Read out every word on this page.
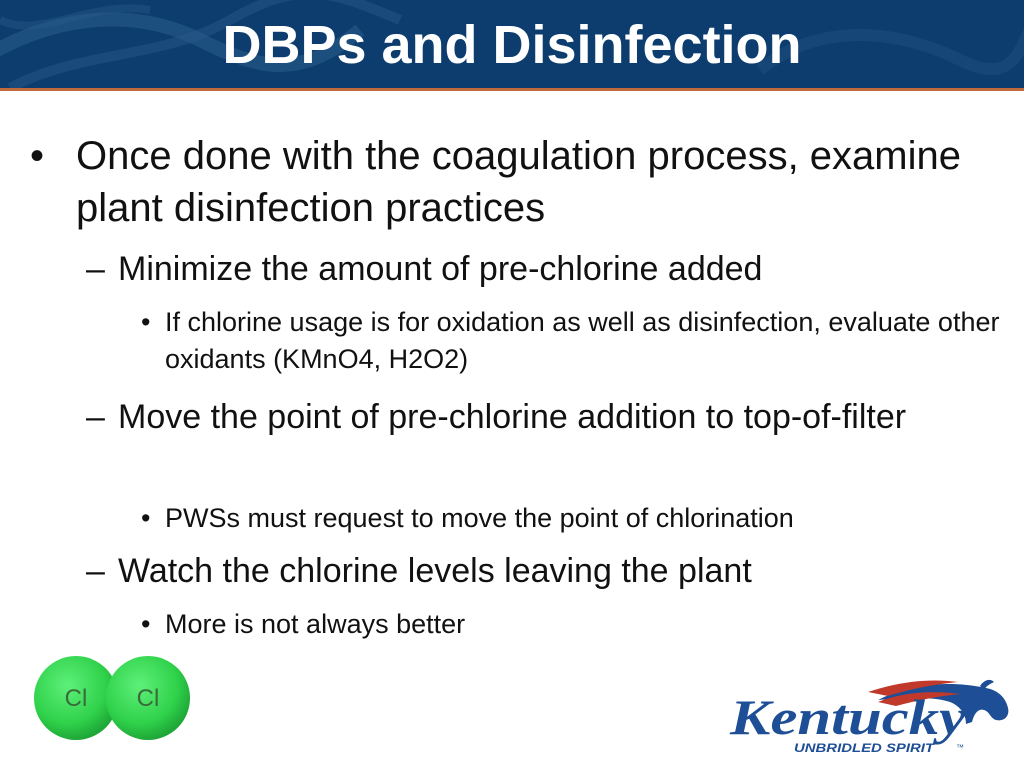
DBPs and Disinfection
• Once done with the coagulation process, examine plant disinfection practices
– Minimize the amount of pre-chlorine added
• If chlorine usage is for oxidation as well as disinfection, evaluate other oxidants (KMnO4, H2O2)
– Move the point of pre-chlorine addition to top-of-filter
• PWSs must request to move the point of chlorination
– Watch the chlorine levels leaving the plant
• More is not always better
Cl Cl	Kentucky
UNBRIDLED SPIRIT ™
